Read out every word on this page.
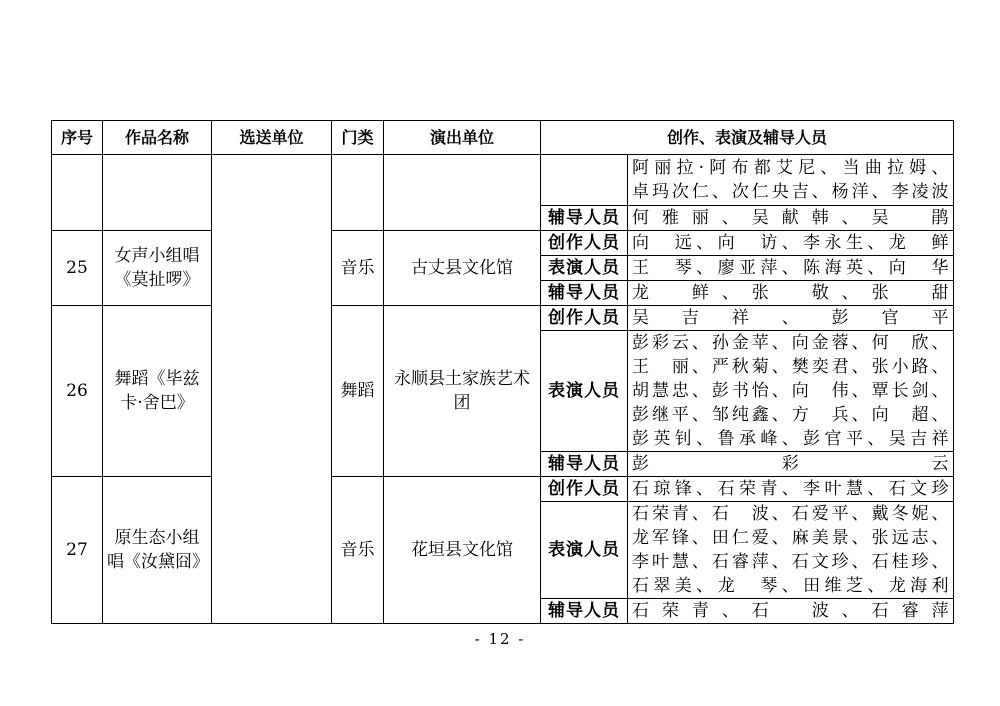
序号	作品名称	选送单位	门类	演出单位	创作、表演及辅导人员	

						阿丽拉·阿布都艾尼、当曲拉姆、
卓玛次仁、次仁央吉、杨洋、李凌波

					辅导人员	何雅丽、吴献韩、吴　鹃
25	女声小组唱《莫扯啰》		音乐	古丈县文化馆	创作人员	向　远、向　访、李永生、龙　鲜
					表演人员	王　琴、廖亚萍、陈海英、向　华
					辅导人员	龙　鲜、张　敬、张　甜
26	舞蹈《毕兹卡·舍巴》		舞蹈	永顺县土家族艺术团	创作人员	吴吉祥、彭官平
					表演人员	彭彩云、孙金苹、向金蓉、何　欣、
王　丽、严秋菊、樊奕君、张小路、
胡慧忠、彭书怡、向　伟、覃长剑、
彭继平、邹纯鑫、方　兵、向　超、
彭英钊、鲁承峰、彭官平、吴吉祥

					辅导人员	彭彩云
27	原生态小组唱《汝黛囧》		音乐	花垣县文化馆	创作人员	石琼锋、石荣青、李叶慧、石文珍
					表演人员	石荣青、石　波、石爱平、戴冬妮、
龙军锋、田仁爱、麻美景、张远志、
李叶慧、石睿萍、石文珍、石桂珍、
石翠美、龙　琴、田维芝、龙海利

					辅导人员	石荣青、石　波、石睿萍
- 12 -
